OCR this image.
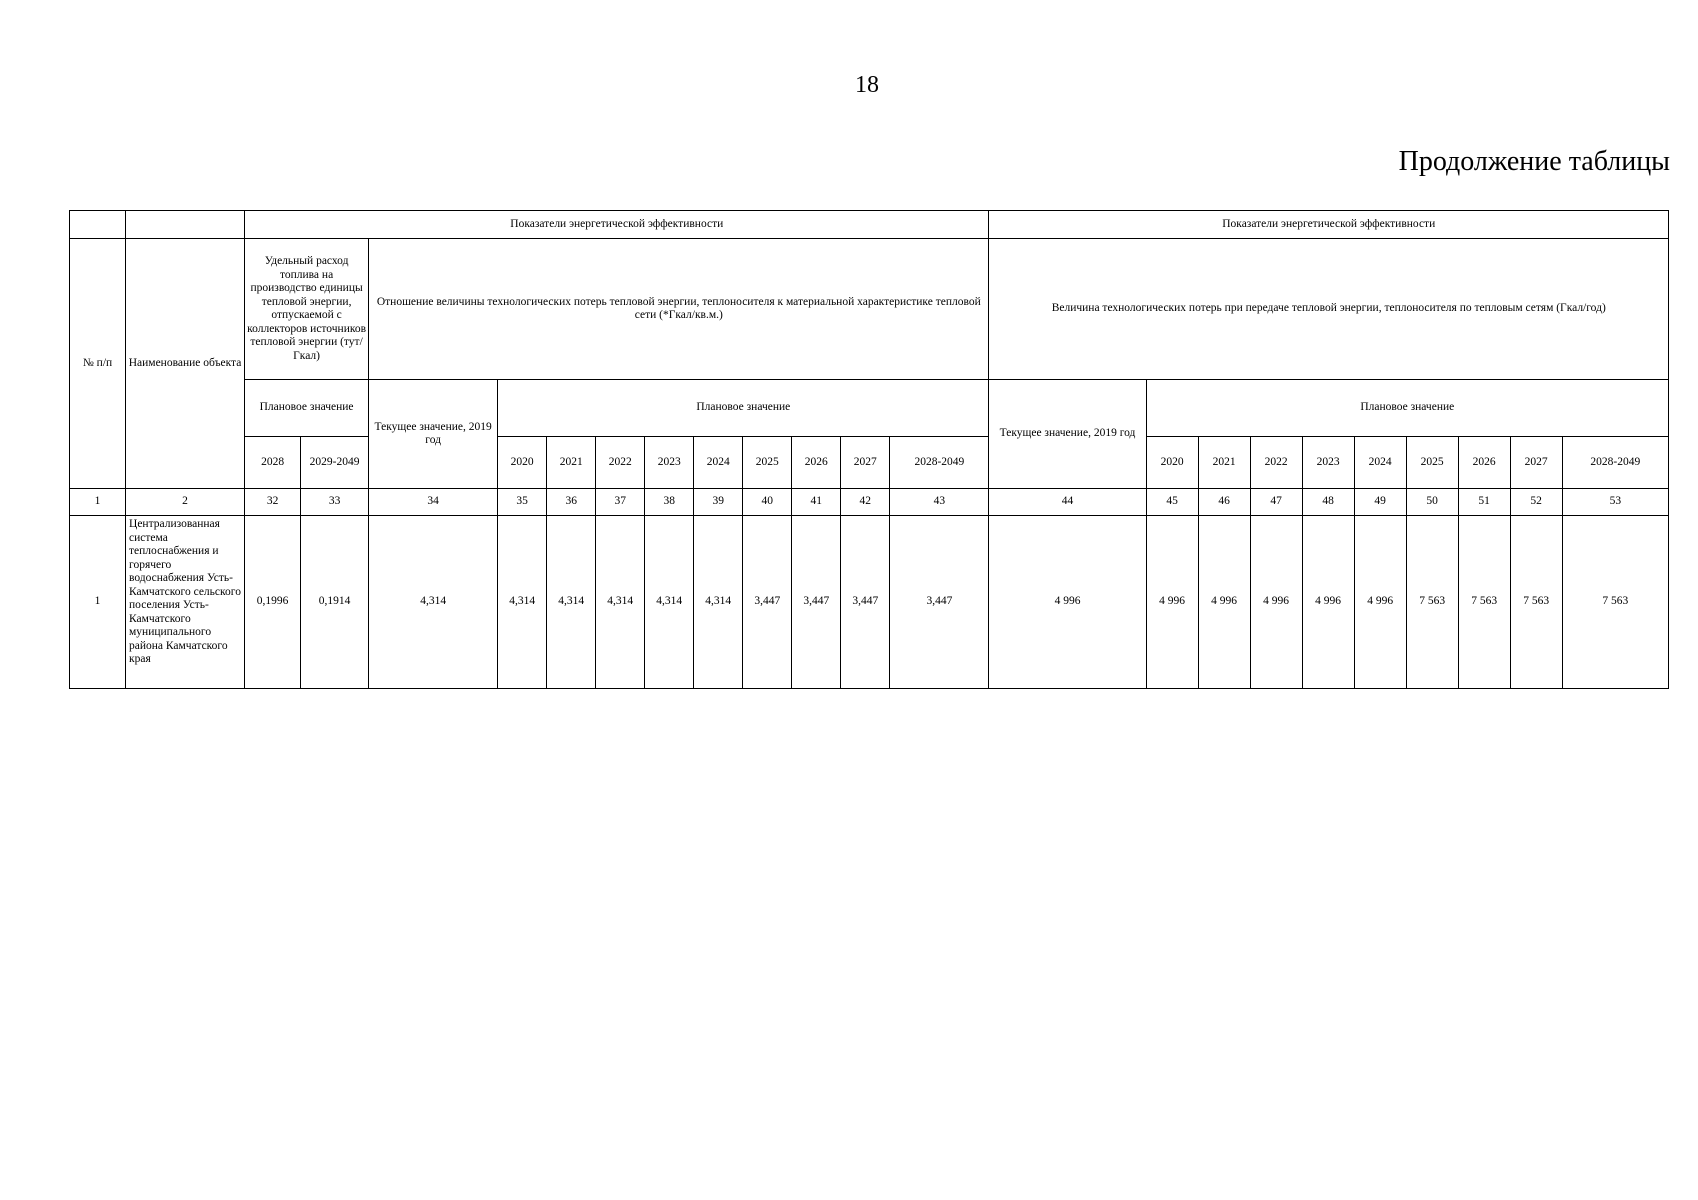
18
Продолжение таблицы
		Показатели энергетической эффективности												Показатели энергетической эффективности									
№ п/п	Наименование объекта	Удельный расход топлива на производство единицы тепловой энергии, отпускаемой с коллекторов источников тепловой энергии (тут/Гкал)		Отношение величины технологических потерь тепловой энергии, теплоносителя к материальной характеристике тепловой сети (*Гкал/кв.м.)										Величина технологических потерь при передаче тепловой энергии, теплоносителя по тепловым сетям (Гкал/год)									
		Плановое значение		Текущее значение, 2019 год	Плановое значение									Текущее значение, 2019 год	Плановое значение								
		2028	2029-2049		2020	2021	2022	2023	2024	2025	2026	2027	2028-2049		2020	2021	2022	2023	2024	2025	2026	2027	2028-2049
1	2	32	33	34	35	36	37	38	39	40	41	42	43	44	45	46	47	48	49	50	51	52	53
1	Централизованная система теплоснабжения и горячего водоснабжения Усть-Камчатского сельского поселения Усть-Камчатского муниципального района Камчатского края	0,1996	0,1914	4,314	4,314	4,314	4,314	4,314	4,314	3,447	3,447	3,447	3,447	4 996	4 996	4 996	4 996	4 996	4 996	7 563	7 563	7 563	7 563
